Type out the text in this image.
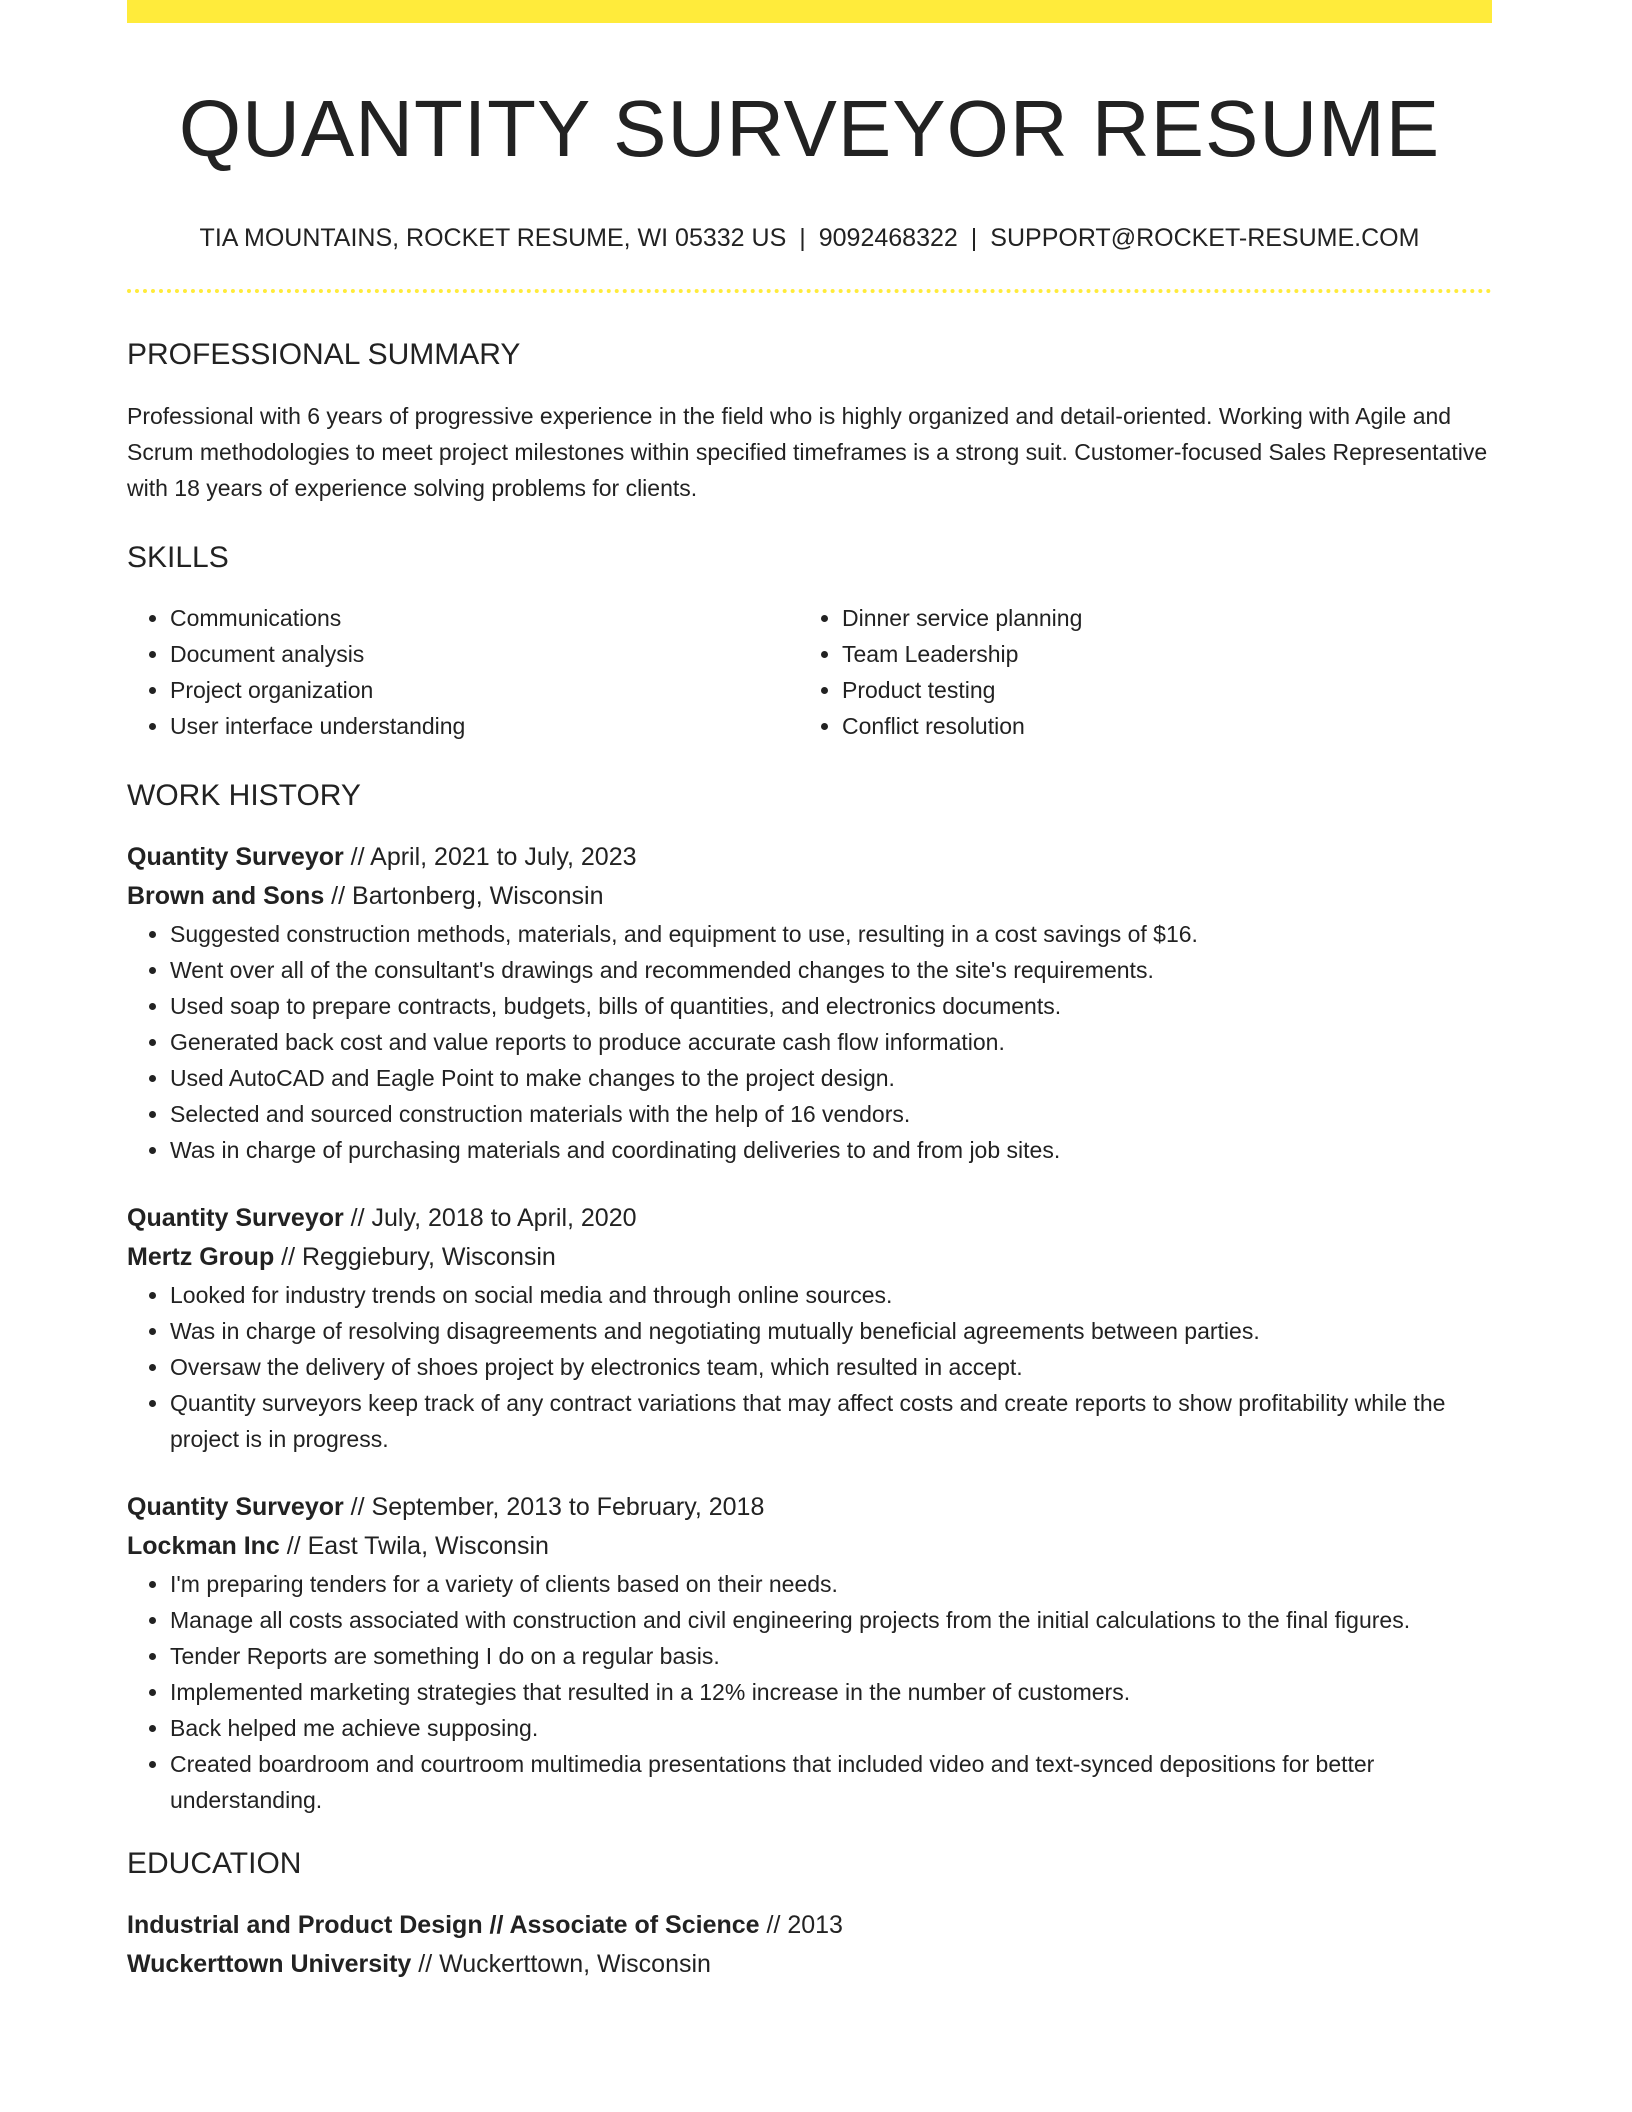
QUANTITY SURVEYOR RESUME
TIA MOUNTAINS, ROCKET RESUME, WI 05332 US | 9092468322 | SUPPORT@ROCKET-RESUME.COM
PROFESSIONAL SUMMARY

Professional with 6 years of progressive experience in the field who is highly organized and detail-oriented. Working with Agile and Scrum methodologies to meet project milestones within specified timeframes is a strong suit. Customer-focused Sales Representative with 18 years of experience solving problems for clients.

SKILLS
• Communications
• Document analysis
• Project organization
• User interface understanding
• Dinner service planning
• Team Leadership
• Product testing
• Conflict resolution
WORK HISTORY
Quantity Surveyor // April, 2021 to July, 2023
Brown and Sons // Bartonberg, Wisconsin
• Suggested construction methods, materials, and equipment to use, resulting in a cost savings of $16.
• Went over all of the consultant's drawings and recommended changes to the site's requirements.
• Used soap to prepare contracts, budgets, bills of quantities, and electronics documents.
• Generated back cost and value reports to produce accurate cash flow information.
• Used AutoCAD and Eagle Point to make changes to the project design.
• Selected and sourced construction materials with the help of 16 vendors.
• Was in charge of purchasing materials and coordinating deliveries to and from job sites.
Quantity Surveyor // July, 2018 to April, 2020
Mertz Group // Reggiebury, Wisconsin
• Looked for industry trends on social media and through online sources.
• Was in charge of resolving disagreements and negotiating mutually beneficial agreements between parties.
• Oversaw the delivery of shoes project by electronics team, which resulted in accept.
• Quantity surveyors keep track of any contract variations that may affect costs and create reports to show profitability while the project is in progress.
Quantity Surveyor // September, 2013 to February, 2018
Lockman Inc // East Twila, Wisconsin
• I'm preparing tenders for a variety of clients based on their needs.
• Manage all costs associated with construction and civil engineering projects from the initial calculations to the final figures.
• Tender Reports are something I do on a regular basis.
• Implemented marketing strategies that resulted in a 12% increase in the number of customers.
• Back helped me achieve supposing.
• Created boardroom and courtroom multimedia presentations that included video and text-synced depositions for better understanding.
EDUCATION
Industrial and Product Design // Associate of Science // 2013
Wuckerttown University // Wuckerttown, Wisconsin
